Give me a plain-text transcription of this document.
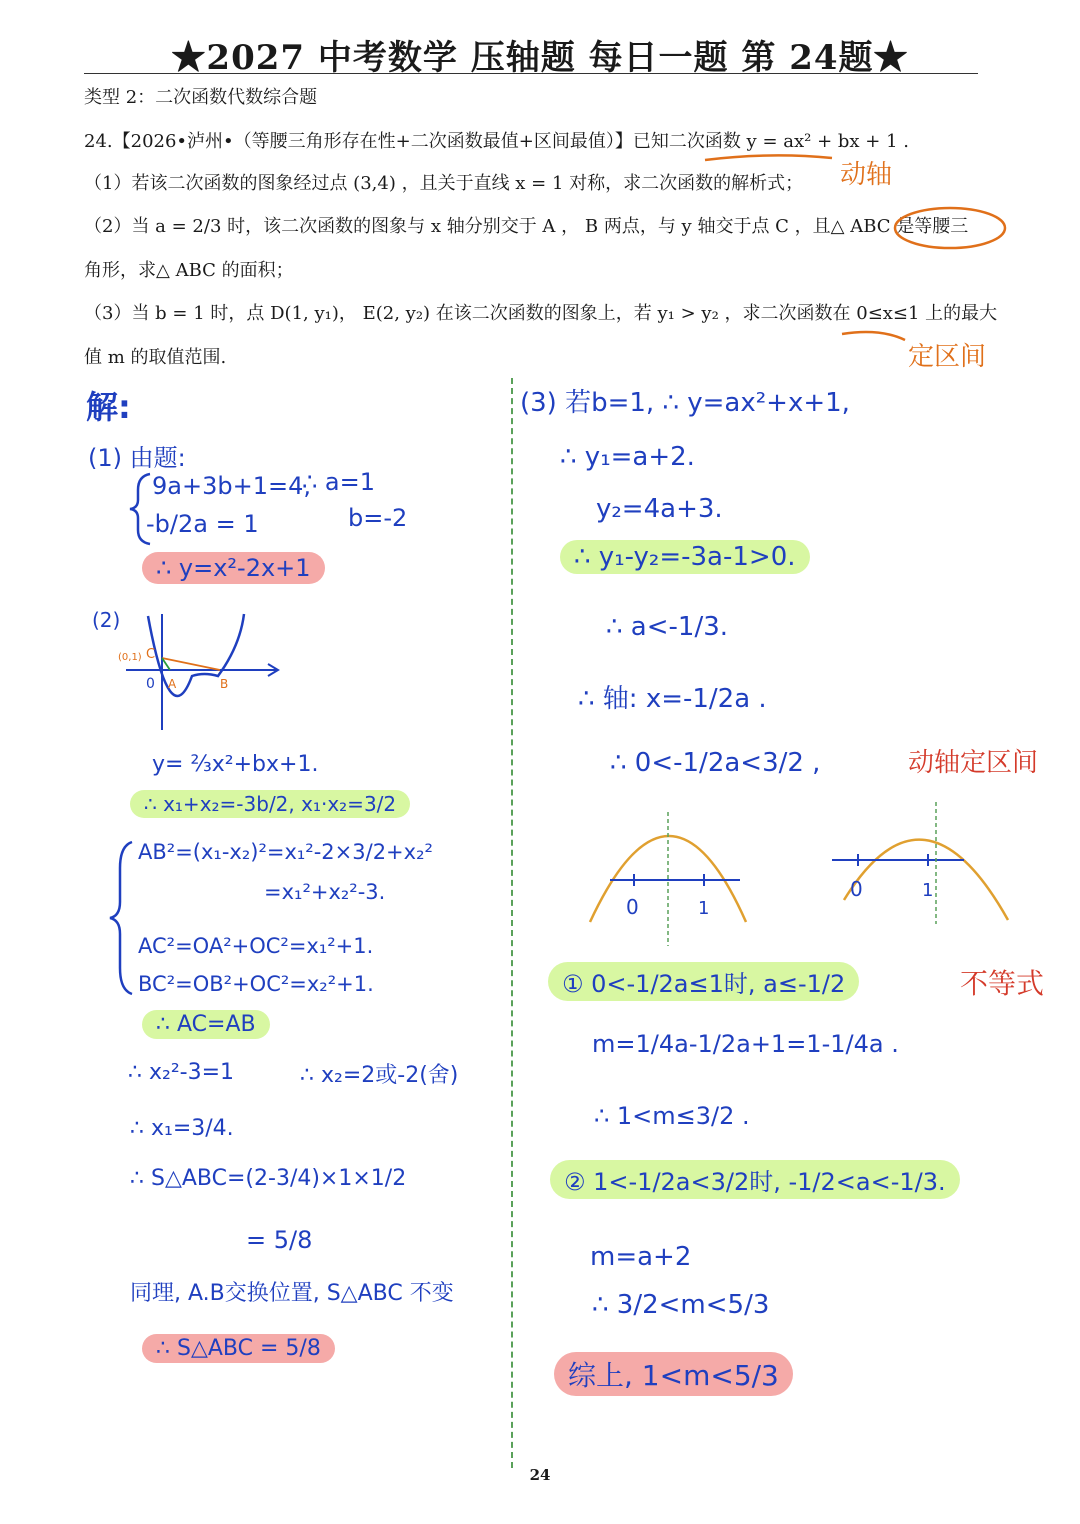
★2027 中考数学 压轴题 每日一题 第 24题★
类型 2：二次函数代数综合题
24.【2026•泸州•（等腰三角形存在性+二次函数最值+区间最值）】已知二次函数 y = ax² + bx + 1 .
（1）若该二次函数的图象经过点 (3,4) ，且关于直线 x = 1 对称，求二次函数的解析式；
（2）当 a = 2/3 时，该二次函数的图象与 x 轴分别交于 A ， B 两点，与 y 轴交于点 C ，且△ ABC 是等腰三
角形，求△ ABC 的面积；
（3）当 b = 1 时，点 D(1, y₁)， E(2, y₂) 在该二次函数的图象上，若 y₁ > y₂ ，求二次函数在 0≤x≤1 上的最大
值 m 的取值范围.
动轴
定区间
解:
(1) 由题:
9a+3b+1=4,
-b/2a = 1
∴ a=1
b=-2
∴ y=x²-2x+1
(2)
C
0 A	B
(0,1)
y= ⅔x²+bx+1.
∴ x₁+x₂=-3b/2, x₁·x₂=3/2
AB²=(x₁-x₂)²=x₁²-2×3/2+x₂²
=x₁²+x₂²-3.
AC²=OA²+OC²=x₁²+1.
BC²=OB²+OC²=x₂²+1.
∴ AC=AB
∴ x₂²-3=1	∴ x₂=2或-2(舍)
∴ x₁=3/4.
∴ S△ABC=(2-3/4)×1×1/2
= 5/8
同理, A.B交换位置, S△ABC 不变
∴ S△ABC = 5/8
(3) 若b=1, ∴ y=ax²+x+1,
∴ y₁=a+2.
y₂=4a+3.
∴ y₁-y₂=-3a-1>0.
∴ a<-1/3.
∴ 轴: x=-1/2a .
∴ 0<-1/2a<3/2 ,	动轴定区间
0	1
0	1
① 0<-1/2a≤1时, a≤-1/2	不等式
m=1/4a-1/2a+1=1-1/4a .
∴ 1<m≤3/2 .
② 1<-1/2a<3/2时, -1/2<a<-1/3.
m=a+2
∴ 3/2<m<5/3
综上, 1<m<5/3
24
